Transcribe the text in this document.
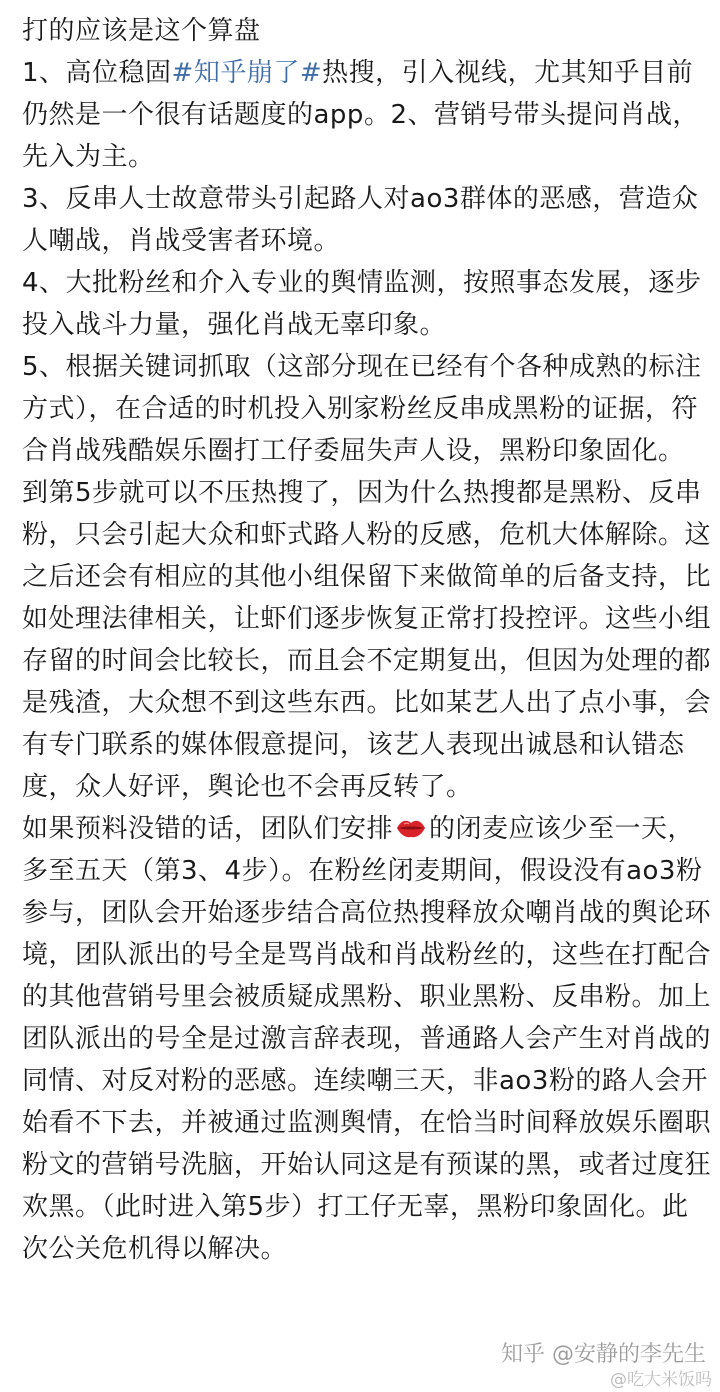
打的应该是这个算盘

1、高位稳固#知乎崩了#热搜，引入视线，尤其知乎目前仍然是一个很有话题度的app。2、营销号带头提问肖战，先入为主。

3、反串人士故意带头引起路人对ao3群体的恶感，营造众人嘲战，肖战受害者环境。

4、大批粉丝和介入专业的舆情监测，按照事态发展，逐步投入战斗力量，强化肖战无辜印象。

5、根据关键词抓取（这部分现在已经有个各种成熟的标注方式），在合适的时机投入别家粉丝反串成黑粉的证据，符合肖战残酷娱乐圈打工仔委屈失声人设，黑粉印象固化。

到第5步就可以不压热搜了，因为什么热搜都是黑粉、反串粉，只会引起大众和虾式路人粉的反感，危机大体解除。这之后还会有相应的其他小组保留下来做简单的后备支持，比如处理法律相关，让虾们逐步恢复正常打投控评。这些小组存留的时间会比较长，而且会不定期复出，但因为处理的都是残渣，大众想不到这些东西。比如某艺人出了点小事，会有专门联系的媒体假意提问，该艺人表现出诚恳和认错态度，众人好评，舆论也不会再反转了。

如果预料没错的话，团队们安排 的闭麦应该少至一天，多至五天（第3、4步）。在粉丝闭麦期间，假设没有ao3粉参与，团队会开始逐步结合高位热搜释放众嘲肖战的舆论环境，团队派出的号全是骂肖战和肖战粉丝的，这些在打配合的其他营销号里会被质疑成黑粉、职业黑粉、反串粉。加上团队派出的号全是过激言辞表现，普通路人会产生对肖战的同情、对反对粉的恶感。连续嘲三天，非ao3粉的路人会开始看不下去，并被通过监测舆情，在恰当时间释放娱乐圈职粉文的营销号洗脑，开始认同这是有预谋的黑，或者过度狂欢黑。（此时进入第5步）打工仔无辜，黑粉印象固化。此次公关危机得以解决。

知乎 @安静的李先生
@吃大米饭吗
